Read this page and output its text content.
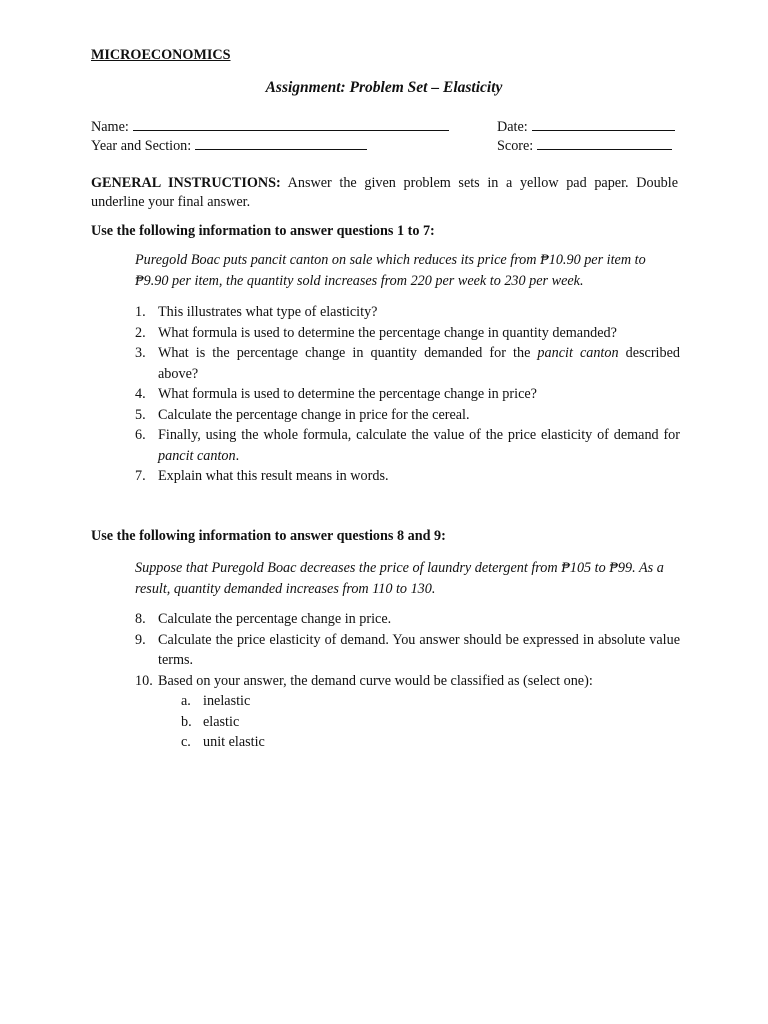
MICROECONOMICS
Assignment: Problem Set – Elasticity
Name:	Date:
Year and Section:	Score:
GENERAL INSTRUCTIONS: Answer the given problem sets in a yellow pad paper. Double underline your final answer.
Use the following information to answer questions 1 to 7:
Puregold Boac puts pancit canton on sale which reduces its price from ₱10.90 per item to ₱9.90 per item, the quantity sold increases from 220 per week to 230 per week.
1. This illustrates what type of elasticity?
2. What formula is used to determine the percentage change in quantity demanded?
3. What is the percentage change in quantity demanded for the pancit canton described above?
4. What formula is used to determine the percentage change in price?
5. Calculate the percentage change in price for the cereal.
6. Finally, using the whole formula, calculate the value of the price elasticity of demand for pancit canton.
7. Explain what this result means in words.
Use the following information to answer questions 8 and 9:
Suppose that Puregold Boac decreases the price of laundry detergent from ₱105 to ₱99. As a result, quantity demanded increases from 110 to 130.
8. Calculate the percentage change in price.
9. Calculate the price elasticity of demand. You answer should be expressed in absolute value terms.
10. Based on your answer, the demand curve would be classified as (select one):
a. inelastic
b. elastic
c. unit elastic
